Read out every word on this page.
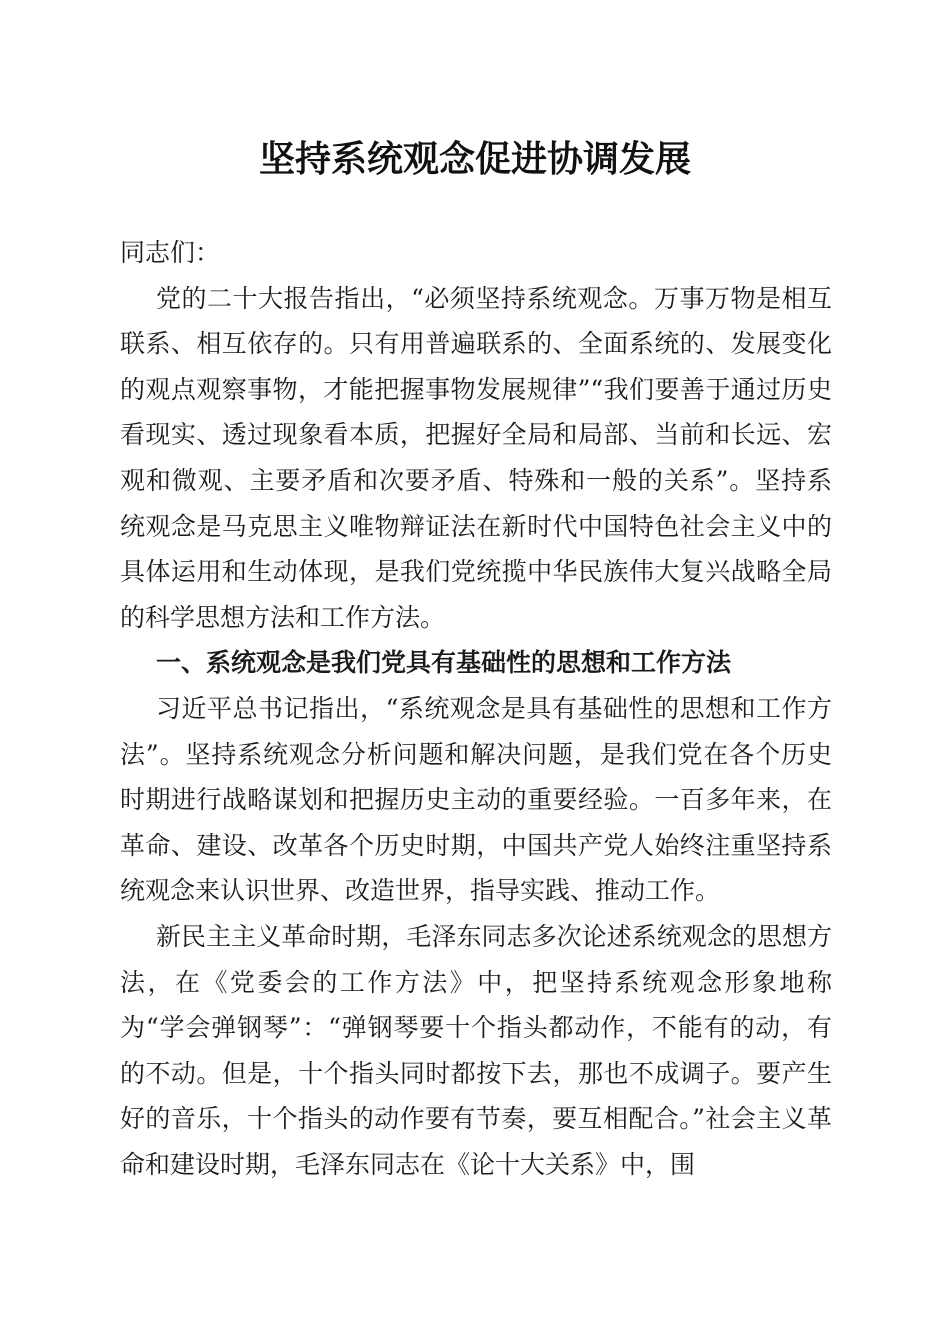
坚持系统观念促进协调发展

同志们：

党的二十大报告指出，“必须坚持系统观念。万事万物是相互联系、相互依存的。只有用普遍联系的、全面系统的、发展变化的观点观察事物，才能把握事物发展规律”“我们要善于通过历史看现实、透过现象看本质，把握好全局和局部、当前和长远、宏观和微观、主要矛盾和次要矛盾、特殊和一般的关系”。坚持系统观念是马克思主义唯物辩证法在新时代中国特色社会主义中的具体运用和生动体现，是我们党统揽中华民族伟大复兴战略全局的科学思想方法和工作方法。

一、系统观念是我们党具有基础性的思想和工作方法

习近平总书记指出，“系统观念是具有基础性的思想和工作方法”。坚持系统观念分析问题和解决问题，是我们党在各个历史时期进行战略谋划和把握历史主动的重要经验。一百多年来，在革命、建设、改革各个历史时期，中国共产党人始终注重坚持系统观念来认识世界、改造世界，指导实践、推动工作。

新民主主义革命时期，毛泽东同志多次论述系统观念的思想方法，在《党委会的工作方法》中，把坚持系统观念形象地称为“学会弹钢琴”：“弹钢琴要十个指头都动作，不能有的动，有的不动。但是，十个指头同时都按下去，那也不成调子。要产生好的音乐，十个指头的动作要有节奏，要互相配合。”社会主义革命和建设时期，毛泽东同志在《论十大关系》中，围
